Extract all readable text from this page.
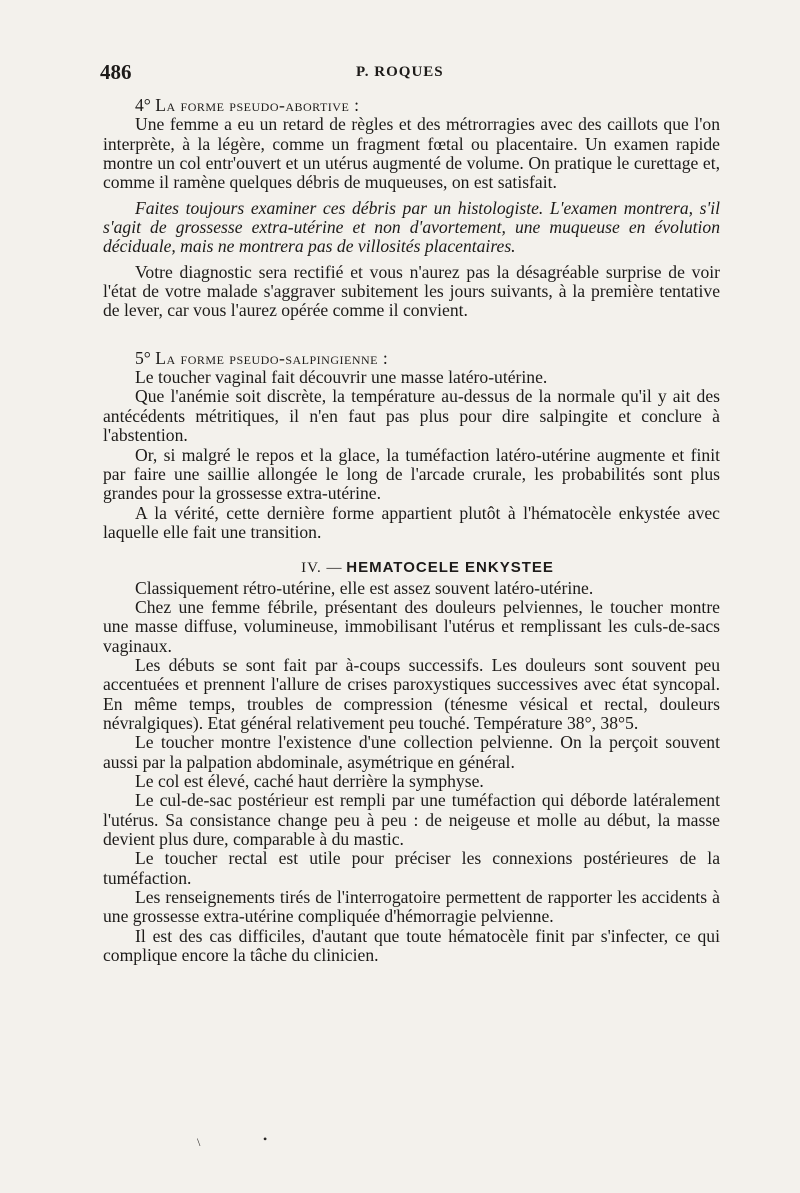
486	P. ROQUES

4° La forme pseudo-abortive :

Une femme a eu un retard de règles et des métrorragies avec des caillots que l'on interprète, à la légère, comme un fragment fœtal ou placentaire. Un examen rapide montre un col entr'ouvert et un utérus augmenté de volume. On pratique le curettage et, comme il ramène quelques débris de muqueuses, on est satisfait.

Faites toujours examiner ces débris par un histologiste. L'examen montrera, s'il s'agit de grossesse extra-utérine et non d'avortement, une muqueuse en évolution déciduale, mais ne montrera pas de villosités placentaires.

Votre diagnostic sera rectifié et vous n'aurez pas la désagréable surprise de voir l'état de votre malade s'aggraver subitement les jours suivants, à la première tentative de lever, car vous l'aurez opérée comme il convient.

5° La forme pseudo-salpingienne :

Le toucher vaginal fait découvrir une masse latéro-utérine.

Que l'anémie soit discrète, la température au-dessus de la normale qu'il y ait des antécédents métritiques, il n'en faut pas plus pour dire salpingite et conclure à l'abstention.

Or, si malgré le repos et la glace, la tuméfaction latéro-utérine augmente et finit par faire une saillie allongée le long de l'arcade crurale, les probabilités sont plus grandes pour la grossesse extra-utérine.

A la vérité, cette dernière forme appartient plutôt à l'hématocèle enkystée avec laquelle elle fait une transition.

IV. — HEMATOCELE ENKYSTEE

Classiquement rétro-utérine, elle est assez souvent latéro-utérine.

Chez une femme fébrile, présentant des douleurs pelviennes, le toucher montre une masse diffuse, volumineuse, immobilisant l'utérus et remplissant les culs-de-sacs vaginaux.

Les débuts se sont fait par à-coups successifs. Les douleurs sont souvent peu accentuées et prennent l'allure de crises paroxystiques successives avec état syncopal. En même temps, troubles de compression (ténesme vésical et rectal, douleurs névralgiques). Etat général relativement peu touché. Température 38°, 38°5.

Le toucher montre l'existence d'une collection pelvienne. On la perçoit souvent aussi par la palpation abdominale, asymétrique en général.

Le col est élevé, caché haut derrière la symphyse.

Le cul-de-sac postérieur est rempli par une tuméfaction qui déborde latéralement l'utérus. Sa consistance change peu à peu : de neigeuse et molle au début, la masse devient plus dure, comparable à du mastic.

Le toucher rectal est utile pour préciser les connexions postérieures de la tuméfaction.

Les renseignements tirés de l'interrogatoire permettent de rapporter les accidents à une grossesse extra-utérine compliquée d'hémorragie pelvienne.

Il est des cas difficiles, d'autant que toute hématocèle finit par s'infecter, ce qui complique encore la tâche du clinicien.

\	•
